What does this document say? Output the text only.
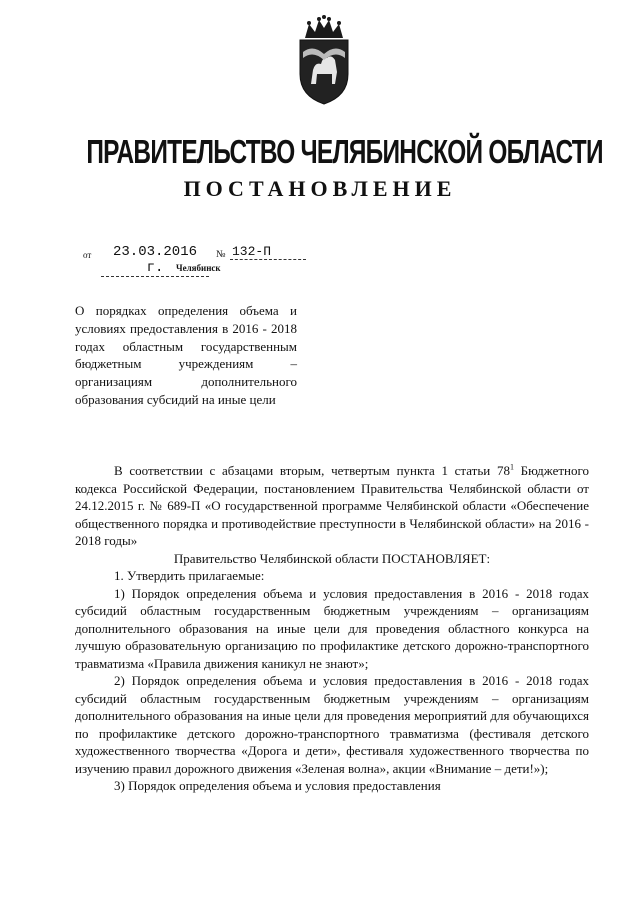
ПРАВИТЕЛЬСТВО ЧЕЛЯБИНСКОЙ ОБЛАСТИ
ПОСТАНОВЛЕНИЕ
от	23.03.2016 г.
№ 132-П
Челябинск
О порядках определения объема и условиях предоставления в 2016 - 2018 годах областным государственным бюджетным учреждениям – организациям дополнительного образования субсидий на иные цели

В соответствии с абзацами вторым, четвертым пункта 1 статьи $78^1$ Бюджетного кодекса Российской Федерации, постановлением Правительства Челябинской области от 24.12.2015 г. № 689-П «О государственной программе Челябинской области «Обеспечение общественного порядка и противодействие преступности в Челябинской области» на 2016 - 2018 годы»

Правительство Челябинской области ПОСТАНОВЛЯЕТ:

1. Утвердить прилагаемые:

1) Порядок определения объема и условия предоставления в 2016 - 2018 годах субсидий областным государственным бюджетным учреждениям – организациям дополнительного образования на иные цели для проведения областного конкурса на лучшую образовательную организацию по профилактике детского дорожно-транспортного травматизма «Правила движения каникул не знают»;

2) Порядок определения объема и условия предоставления в 2016 - 2018 годах субсидий областным государственным бюджетным учреждениям – организациям дополнительного образования на иные цели для проведения мероприятий для обучающихся по профилактике детского дорожно-транспортного травматизма (фестиваля детского художественного творчества «Дорога и дети», фестиваля художественного творчества по изучению правил дорожного движения «Зеленая волна», акции «Внимание – дети!»);

3) Порядок определения объема и условия предоставления
